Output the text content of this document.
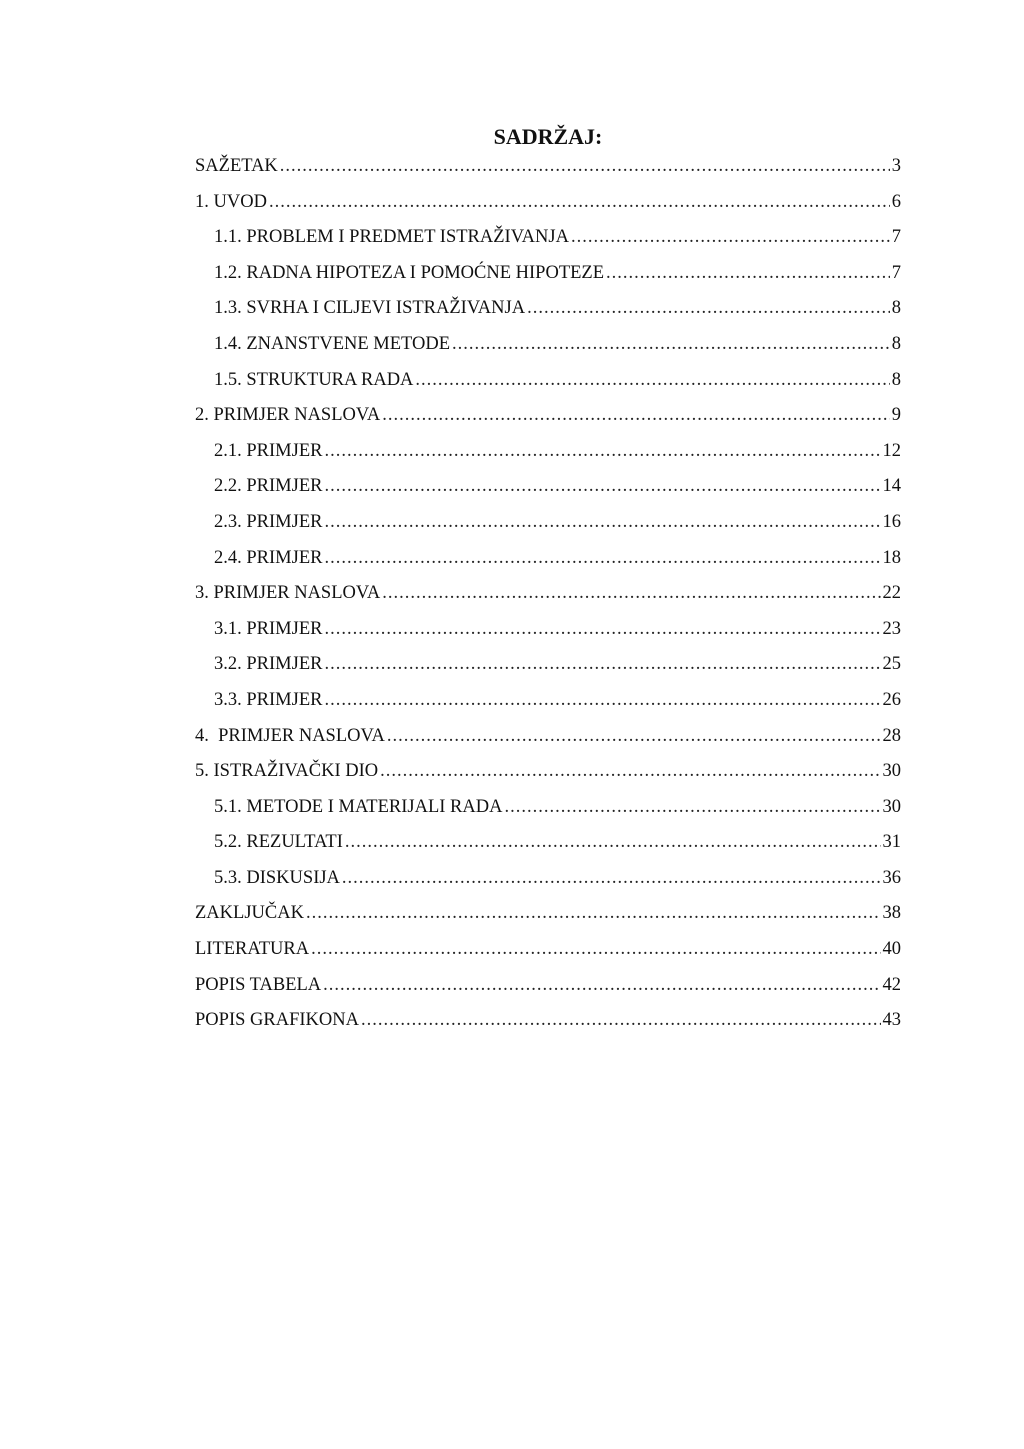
SADRŽAJ:
SAŽETAK .....	3
1. UVOD .....	6
1.1. PROBLEM I PREDMET ISTRAŽIVANJA .....	7
1.2. RADNA HIPOTEZA I POMOĆNE HIPOTEZE .....	7
1.3. SVRHA I CILJEVI ISTRAŽIVANJA .....	8
1.4. ZNANSTVENE METODE .....	8
1.5. STRUKTURA RADA .....	8
2. PRIMJER NASLOVA .....	9
2.1. PRIMJER .....	12
2.2. PRIMJER .....	14
2.3. PRIMJER .....	16
2.4. PRIMJER .....	18
3. PRIMJER NASLOVA .....	22
3.1. PRIMJER .....	23
3.2. PRIMJER .....	25
3.3. PRIMJER .....	26
4.  PRIMJER NASLOVA .....	28
5. ISTRAŽIVAČKI DIO .....	30
5.1. METODE I MATERIJALI RADA .....	30
5.2. REZULTATI .....	31
5.3. DISKUSIJA .....	36
ZAKLJUČAK .....	38
LITERATURA .....	40
POPIS TABELA .....	42
POPIS GRAFIKONA .....	43
